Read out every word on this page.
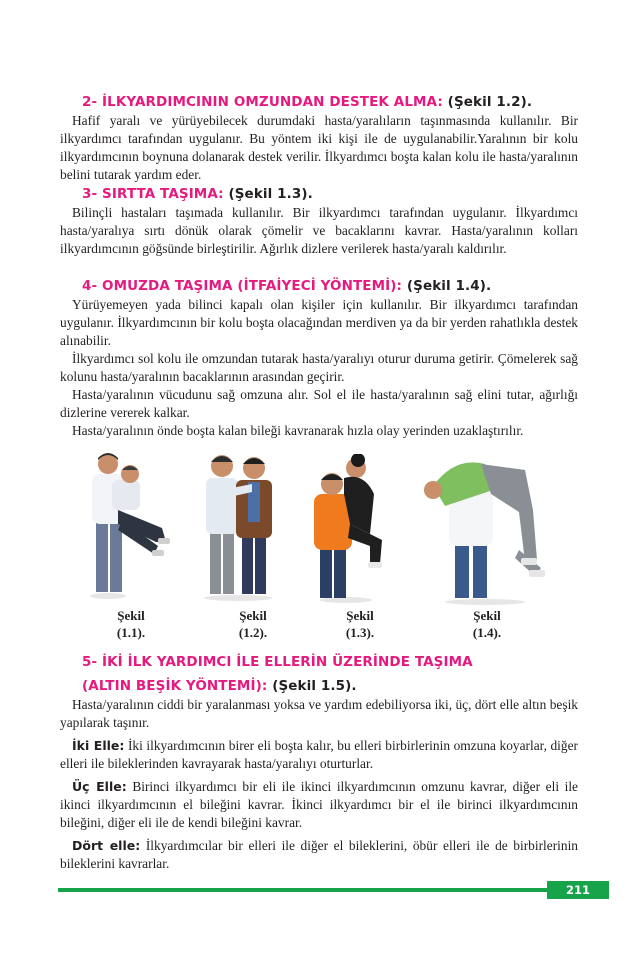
2- İLKYARDIMCININ OMZUNDAN DESTEK ALMA: (Şekil 1.2).

Hafif yaralı ve yürüyebilecek durumdaki hasta/yaralıların taşınmasında kullanılır. Bir ilkyardımcı tarafından uygulanır. Bu yöntem iki kişi ile de uygulanabilir.Yaralının bir kolu ilkyardımcının boynuna dolanarak destek verilir. İlkyardımcı boşta kalan kolu ile hasta/yaralının belini tutarak yardım eder.

3- SIRTTA TAŞIMA: (Şekil 1.3).

Bilinçli hastaları taşımada kullanılır. Bir ilkyardımcı tarafından uygulanır. İlkyardımcı hasta/yaralıya sırtı dönük olarak çömelir ve bacaklarını kavrar. Hasta/yaralının kolları ilkyardımcının göğsünde birleştirilir. Ağırlık dizlere verilerek hasta/yaralı kaldırılır.

4- OMUZDA TAŞIMA (İTFAİYECİ YÖNTEMİ): (Şekil 1.4).

Yürüyemeyen yada bilinci kapalı olan kişiler için kullanılır. Bir ilkyardımcı tarafından uygulanır. İlkyardımcının bir kolu boşta olacağından merdiven ya da bir yerden rahatlıkla destek alınabilir.

İlkyardımcı sol kolu ile omzundan tutarak hasta/yaralıyı oturur duruma getirir. Çömelerek sağ kolunu hasta/yaralının bacaklarının arasından geçirir.

Hasta/yaralının vücudunu sağ omzuna alır. Sol el ile hasta/yaralının sağ elini tutar, ağırlığı dizlerine vererek kalkar.

Hasta/yaralının önde boşta kalan bileği kavranarak hızla olay yerinden uzaklaştırılır.

Şekil
(1.1).
Şekil
(1.2).
Şekil
(1.3).
Şekil
(1.4).
5- İKİ İLK YARDIMCI İLE ELLERİN ÜZERİNDE TAŞIMA
(ALTIN BEŞİK YÖNTEMİ): (Şekil 1.5).

Hasta/yaralının ciddi bir yaralanması yoksa ve yardım edebiliyorsa iki, üç, dört elle altın beşik yapılarak taşınır.

İki Elle: İki ilkyardımcının birer eli boşta kalır, bu elleri birbirlerinin omzuna koyarlar, diğer elleri ile bileklerinden kavrayarak hasta/yaralıyı oturturlar.

Üç Elle: Birinci ilkyardımcı bir eli ile ikinci ilkyardımcının omzunu kavrar, diğer eli ile ikinci ilkyardımcının el bileğini kavrar. İkinci ilkyardımcı bir el ile birinci ilkyardımcının bileğini, diğer eli ile de kendi bileğini kavrar.

Dört elle: İlkyardımcılar bir elleri ile diğer el bileklerini, öbür elleri ile de birbirlerinin bileklerini kavrarlar.

211
